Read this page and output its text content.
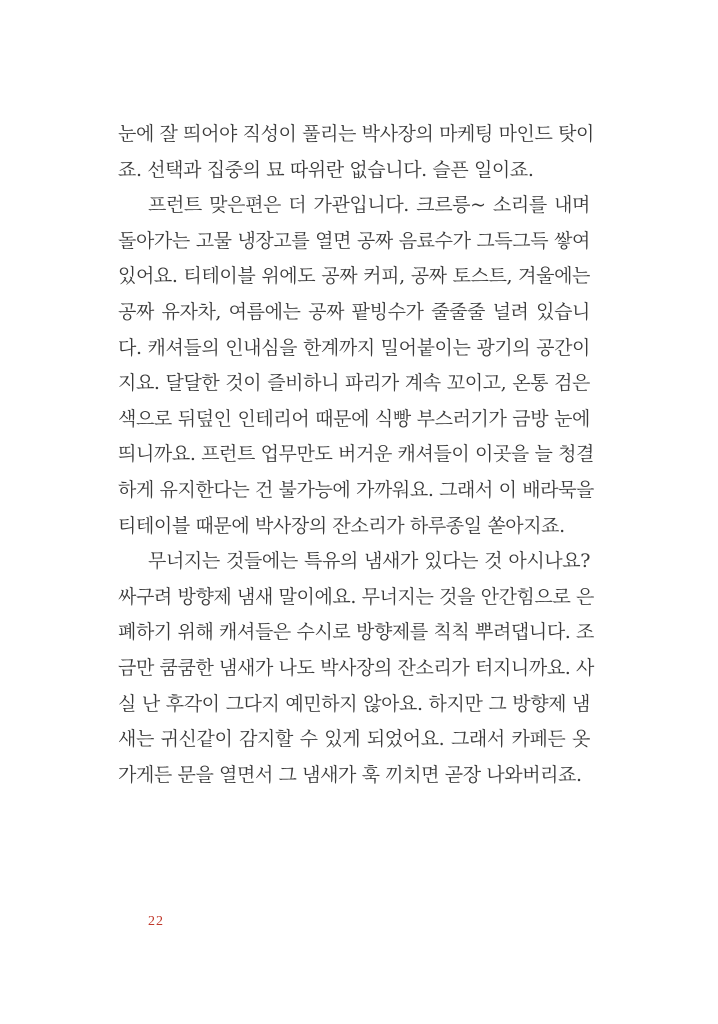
눈에 잘 띄어야 직성이 풀리는 박사장의 마케팅 마인드 탓이
죠. 선택과 집중의 묘 따위란 없습니다. 슬픈 일이죠.
프런트 맞은편은 더 가관입니다. 크르릉~ 소리를 내며
돌아가는 고물 냉장고를 열면 공짜 음료수가 그득그득 쌓여
있어요. 티테이블 위에도 공짜 커피, 공짜 토스트, 겨울에는
공짜 유자차, 여름에는 공짜 팥빙수가 줄줄줄 널려 있습니
다. 캐셔들의 인내심을 한계까지 밀어붙이는 광기의 공간이
지요. 달달한 것이 즐비하니 파리가 계속 꼬이고, 온통 검은
색으로 뒤덮인 인테리어 때문에 식빵 부스러기가 금방 눈에
띄니까요. 프런트 업무만도 버거운 캐셔들이 이곳을 늘 청결
하게 유지한다는 건 불가능에 가까워요. 그래서 이 배라묵을
티테이블 때문에 박사장의 잔소리가 하루종일 쏟아지죠.
무너지는 것들에는 특유의 냄새가 있다는 것 아시나요?
싸구려 방향제 냄새 말이에요. 무너지는 것을 안간힘으로 은
폐하기 위해 캐셔들은 수시로 방향제를 칙칙 뿌려댑니다. 조
금만 쿰쿰한 냄새가 나도 박사장의 잔소리가 터지니까요. 사
실 난 후각이 그다지 예민하지 않아요. 하지만 그 방향제 냄
새는 귀신같이 감지할 수 있게 되었어요. 그래서 카페든 옷
가게든 문을 열면서 그 냄새가 훅 끼치면 곧장 나와버리죠.
22
